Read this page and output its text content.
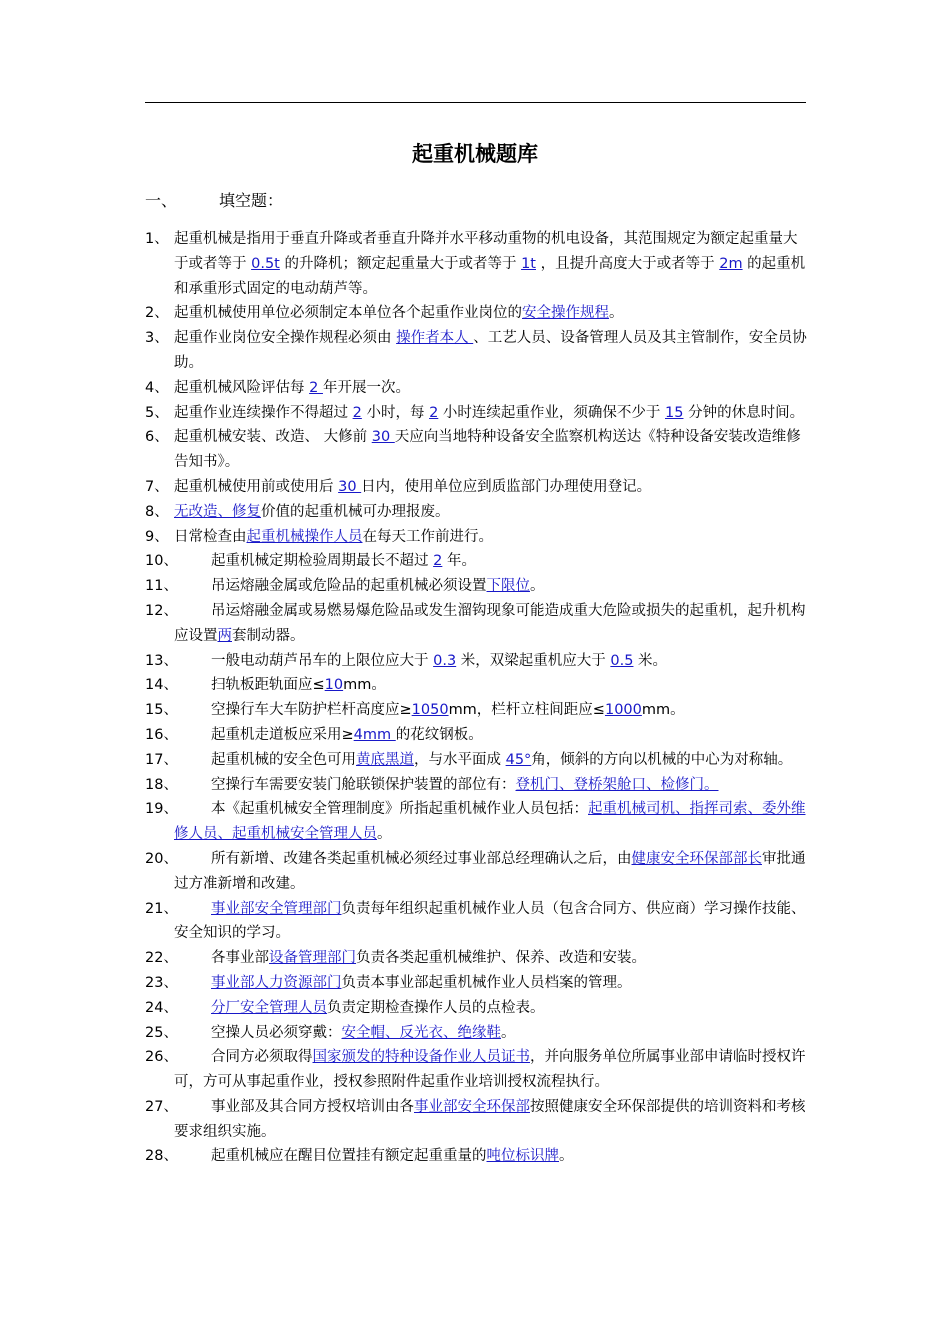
起重机械题库
一、	填空题：
1、 起重机械是指用于垂直升降或者垂直升降并水平移动重物的机电设备，其范围规定为额定起重量大于或者等于 0.5t 的升降机；额定起重量大于或者等于 1t ，且提升高度大于或者等于 2m 的起重机和承重形式固定的电动葫芦等。
2、 起重机械使用单位必须制定本单位各个起重作业岗位的安全操作规程。
3、 起重作业岗位安全操作规程必须由 操作者本人 、工艺人员、设备管理人员及其主管制作，安全员协助。
4、 起重机械风险评估每 2 年开展一次。
5、 起重作业连续操作不得超过 2 小时，每 2 小时连续起重作业，须确保不少于 15 分钟的休息时间。
6、 起重机械安装、改造、 大修前 30 天应向当地特种设备安全监察机构送达《特种设备安装改造维修告知书》。
7、 起重机械使用前或使用后 30 日内，使用单位应到质监部门办理使用登记。
8、 无改造、修复价值的起重机械可办理报废。
9、 日常检查由起重机械操作人员在每天工作前进行。
10、	起重机械定期检验周期最长不超过 2 年。
11、	吊运熔融金属或危险品的起重机械必须设置下限位。
12、	吊运熔融金属或易燃易爆危险品或发生溜钩现象可能造成重大危险或损失的起重机，起升机构应设置两套制动器。
13、	一般电动葫芦吊车的上限位应大于 0.3 米，双梁起重机应大于 0.5 米。
14、	扫轨板距轨面应≤10mm。
15、	空操行车大车防护栏杆高度应≥1050mm，栏杆立柱间距应≤1000mm。
16、	起重机走道板应采用≥4mm 的花纹钢板。
17、	起重机械的安全色可用黄底黑道，与水平面成 45°角，倾斜的方向以机械的中心为对称轴。
18、	空操行车需要安装门舱联锁保护装置的部位有：登机门、登桥架舱口、检修门。
19、	本《起重机械安全管理制度》所指起重机械作业人员包括：起重机械司机、指挥司索、委外维修人员、起重机械安全管理人员。
20、	所有新增、改建各类起重机械必须经过事业部总经理确认之后，由健康安全环保部部长审批通过方准新增和改建。
21、	事业部安全管理部门负责每年组织起重机械作业人员（包含合同方、供应商）学习操作技能、安全知识的学习。
22、	各事业部设备管理部门负责各类起重机械维护、保养、改造和安装。
23、	事业部人力资源部门负责本事业部起重机械作业人员档案的管理。
24、	分厂安全管理人员负责定期检查操作人员的点检表。
25、	空操人员必须穿戴：安全帽、反光衣、绝缘鞋。
26、	合同方必须取得国家颁发的特种设备作业人员证书，并向服务单位所属事业部申请临时授权许可，方可从事起重作业，授权参照附件起重作业培训授权流程执行。
27、	事业部及其合同方授权培训由各事业部安全环保部按照健康安全环保部提供的培训资料和考核要求组织实施。
28、	起重机械应在醒目位置挂有额定起重重量的吨位标识牌。
